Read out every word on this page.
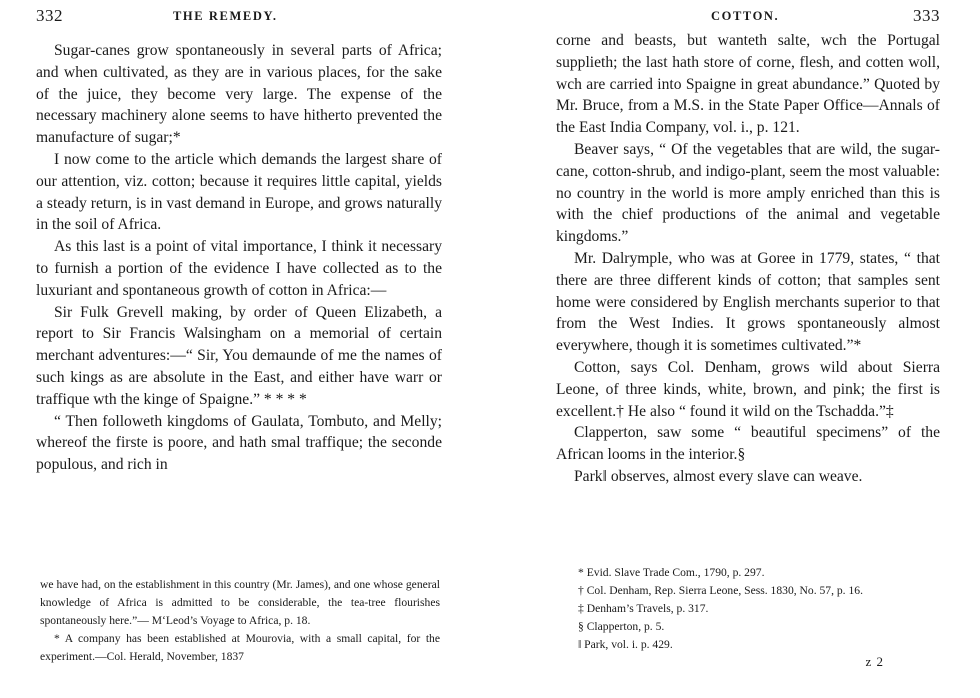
332	THE REMEDY.

Sugar-canes grow spontaneously in several parts of Africa; and when cultivated, as they are in various places, for the sake of the juice, they become very large. The expense of the necessary machinery alone seems to have hitherto prevented the manufacture of sugar;*

I now come to the article which demands the largest share of our attention, viz. cotton; because it requires little capital, yields a steady return, is in vast demand in Europe, and grows naturally in the soil of Africa.

As this last is a point of vital importance, I think it necessary to furnish a portion of the evidence I have collected as to the luxuriant and spontaneous growth of cotton in Africa:—

Sir Fulk Grevell making, by order of Queen Elizabeth, a report to Sir Francis Walsingham on a memorial of certain merchant adventures:—“ Sir, You demaunde of me the names of such kings as are absolute in the East, and either have warr or traffique wth the kinge of Spaigne.” * * * *

“ Then followeth kingdoms of Gaulata, Tombuto, and Melly; whereof the firste is poore, and hath smal traffique; the seconde populous, and rich in

we have had, on the establishment in this country (Mr. James), and one whose general knowledge of Africa is admitted to be considerable, the tea-tree flourishes spontaneously here.”— M‘Leod’s Voyage to Africa, p. 18.

* A company has been established at Mourovia, with a small capital, for the experiment.—Col. Herald, November, 1837

COTTON.	333

corne and beasts, but wanteth salte, wch the Portugal supplieth; the last hath store of corne, flesh, and cotten woll, wch are carried into Spaigne in great abundance.” Quoted by Mr. Bruce, from a M.S. in the State Paper Office—Annals of the East India Company, vol. i., p. 121.

Beaver says, “ Of the vegetables that are wild, the sugar-cane, cotton-shrub, and indigo-plant, seem the most valuable: no country in the world is more amply enriched than this is with the chief productions of the animal and vegetable kingdoms.”

Mr. Dalrymple, who was at Goree in 1779, states, “ that there are three different kinds of cotton; that samples sent home were considered by English merchants superior to that from the West Indies. It grows spontaneously almost everywhere, though it is sometimes cultivated.”*

Cotton, says Col. Denham, grows wild about Sierra Leone, of three kinds, white, brown, and pink; the first is excellent.† He also “ found it wild on the Tschadda.”‡

Clapperton, saw some “ beautiful specimens” of the African looms in the interior.§

Park‖ observes, almost every slave can weave.

* Evid. Slave Trade Com., 1790, p. 297.

† Col. Denham, Rep. Sierra Leone, Sess. 1830, No. 57, p. 16.

‡ Denham’s Travels, p. 317.

§ Clapperton, p. 5.

‖ Park, vol. i. p. 429.

z 2
